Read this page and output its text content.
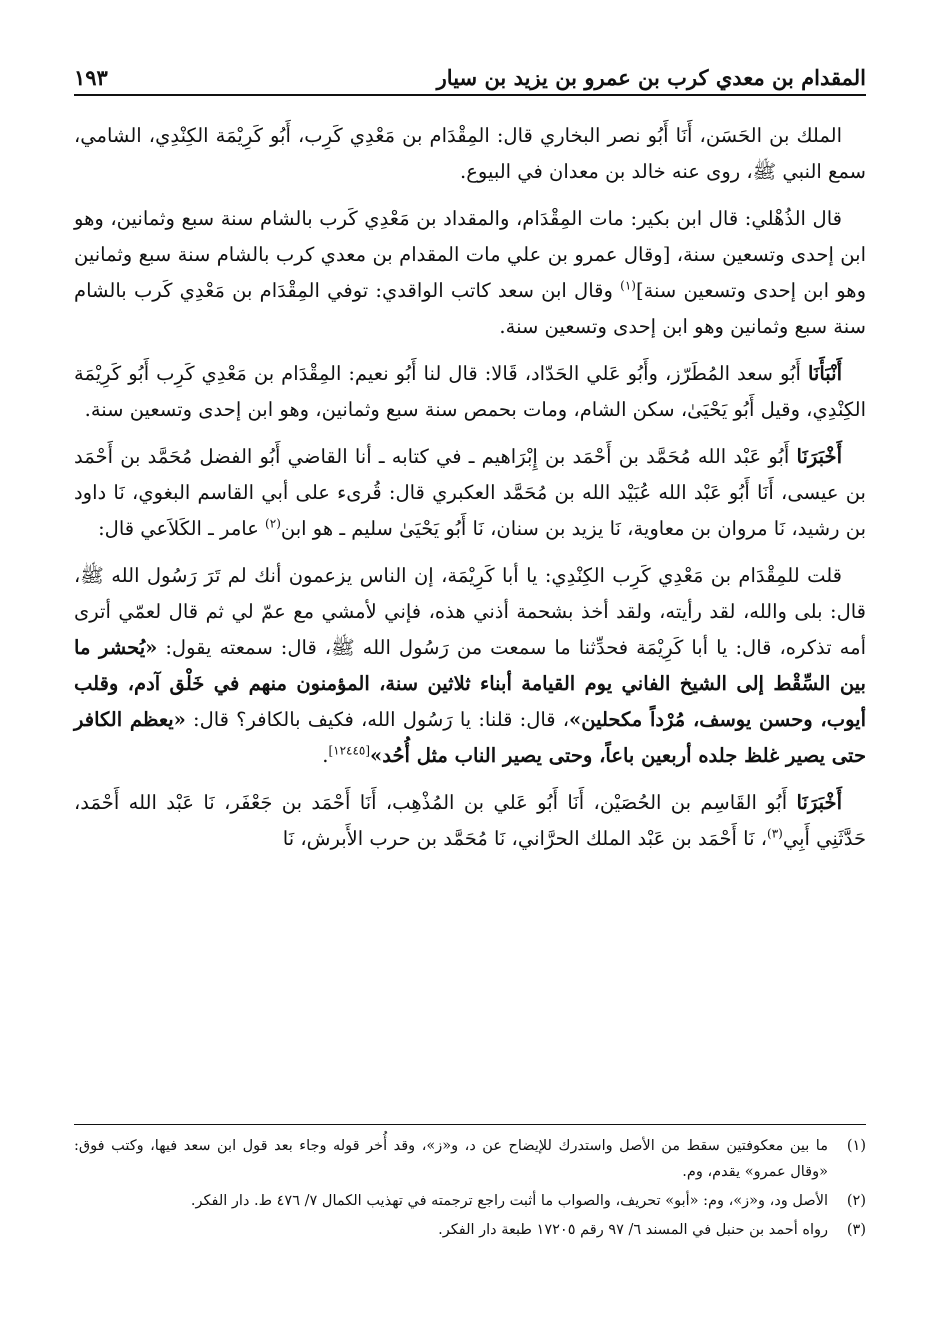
المقدام بن معدي كرب بن عمرو بن يزيد بن سيار
١٩٣

الملك بن الحَسَن، أَنَا أَبُو نصر البخاري قال: المِقْدَام بن مَعْدِي كَرِب، أَبُو كَرِيْمَة الكِنْدِي، الشامي، سمع النبي ﷺ، روى عنه خالد بن معدان في البيوع.

قال الذُهْلي: قال ابن بكير: مات المِقْدَام، والمقداد بن مَعْدِي كَرب بالشام سنة سبع وثمانين، وهو ابن إحدى وتسعين سنة، [وقال عمرو بن علي مات المقدام بن معدي كرب بالشام سنة سبع وثمانين وهو ابن إحدى وتسعين سنة]$^{(١)}$ وقال ابن سعد كاتب الواقدي: توفي المِقْدَام بن مَعْدِي كَرب بالشام سنة سبع وثمانين وهو ابن إحدى وتسعين سنة.

أَنْبَأَنَا أَبُو سعد المُطَرّز، وأَبُو عَلي الحَدّاد، قَالا: قال لنا أَبُو نعيم: المِقْدَام بن مَعْدِي كَرِب أَبُو كَرِيْمَة الكِنْدِي، وقيل أَبُو يَحْيَىٰ، سكن الشام، ومات بحمص سنة سبع وثمانين، وهو ابن إحدى وتسعين سنة.

أَخْبَرَنَا أَبُو عَبْد الله مُحَمَّد بن أَحْمَد بن إِبْرَاهيم ـ في كتابه ـ أنا القاضي أَبُو الفضل مُحَمَّد بن أَحْمَد بن عيسى، أَنَا أَبُو عَبْد الله عُبَيْد الله بن مُحَمَّد العكبري قال: قُرىء على أبي القاسم البغوي، نَا داود بن رشيد، نَا مروان بن معاوية، نَا يزيد بن سنان، نَا أَبُو يَحْيَىٰ سليم ـ هو ابن$^{(٢)}$ عامر ـ الكَلاَعي قال:

قلت للمِقْدَام بن مَعْدِي كَرِب الكِنْدِي: يا أبا كَرِيْمَة، إن الناس يزعمون أنك لم تَرَ رَسُول الله ﷺ، قال: بلى والله، لقد رأيته، ولقد أخذ بشحمة أذني هذه، فإني لأمشي مع عمّ لي ثم قال لعمّي أترى أمه تذكره، قال: يا أبا كَرِيْمَة فحدِّثنا ما سمعت من رَسُول الله ﷺ، قال: سمعته يقول: «يُحشر ما بين السِّقْط إلى الشيخ الفاني يوم القيامة أبناء ثلاثين سنة، المؤمنون منهم في خَلْق آدم، وقلب أيوب، وحسن يوسف، مُرْداً مكحلين»، قال: قلنا: يا رَسُول الله، فكيف بالكافر؟ قال: «يعظم الكافر حتى يصير غلظ جلده أربعين باعاً، وحتى يصير الناب مثل أُحُد»[١٢٤٤٥].

أَخْبَرَنَا أَبُو القَاسِم بن الحُصَيْن، أَنَا أَبُو عَلي بن المُذْهِب، أَنَا أَحْمَد بن جَعْفَر، نَا عَبْد الله أَحْمَد، حَدَّثَنِي أَبِي$^{(٣)}$، نَا أَحْمَد بن عَبْد الملك الحرَّاني، نَا مُحَمَّد بن حرب الأَبرش، نَا

(١)
ما بين معكوفتين سقط من الأصل واستدرك للإيضاح عن د، و«ز»، وقد أُخر قوله وجاء بعد قول ابن سعد فيها، وكتب فوق: «وقال عمرو» يقدم، وم.
(٢)
الأصل ود، و«ز»، وم: «أبو» تحريف، والصواب ما أثبت راجع ترجمته في تهذيب الكمال ٧/ ٤٧٦ ط. دار الفكر.
(٣)
رواه أحمد بن حنبل في المسند ٦/ ٩٧ رقم ١٧٢٠٥ طبعة دار الفكر.
